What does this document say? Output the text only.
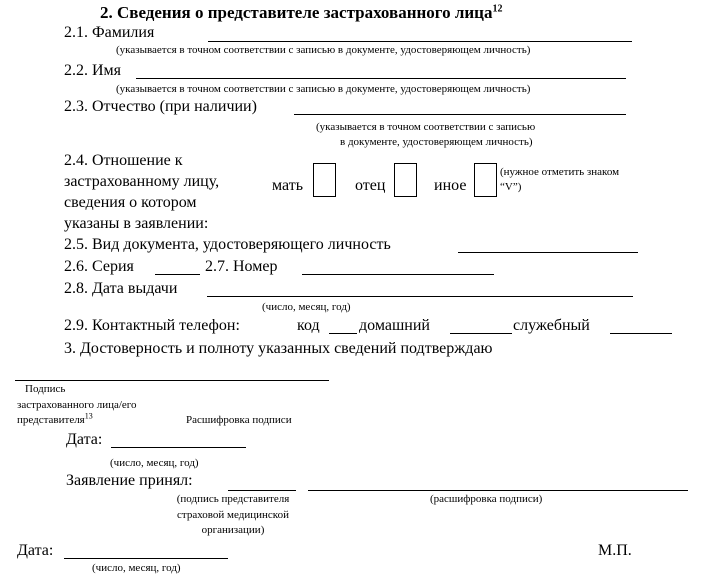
2. Сведения о представителе застрахованного лица$^{12}$
2.1. Фамилия
(указывается в точном соответствии с записью в документе, удостоверяющем личность)
2.2. Имя
(указывается в точном соответствии с записью в документе, удостоверяющем личность)
2.3. Отчество (при наличии)
(указывается в точном соответствии с записью
в документе, удостоверяющем личность)
2.4. Отношение к
застрахованному лицу,
сведения о котором
указаны в заявлении:
мать	отец	иное
(нужное отметить знаком
“V”)
2.5. Вид документа, удостоверяющего личность
2.6. Серия	2.7. Номер
2.8. Дата выдачи
(число, месяц, год)
2.9. Контактный телефон:	код домашний	служебный
3. Достоверность и полноту указанных сведений подтверждаю
Подпись
застрахованного лица/его
представителя$^{13}$	Расшифровка подписи
Дата:
(число, месяц, год)
Заявление принял:
(подпись представителя
страховой медицинской
организации)
(расшифровка подписи)
Дата:
(число, месяц, год)
М.П.
